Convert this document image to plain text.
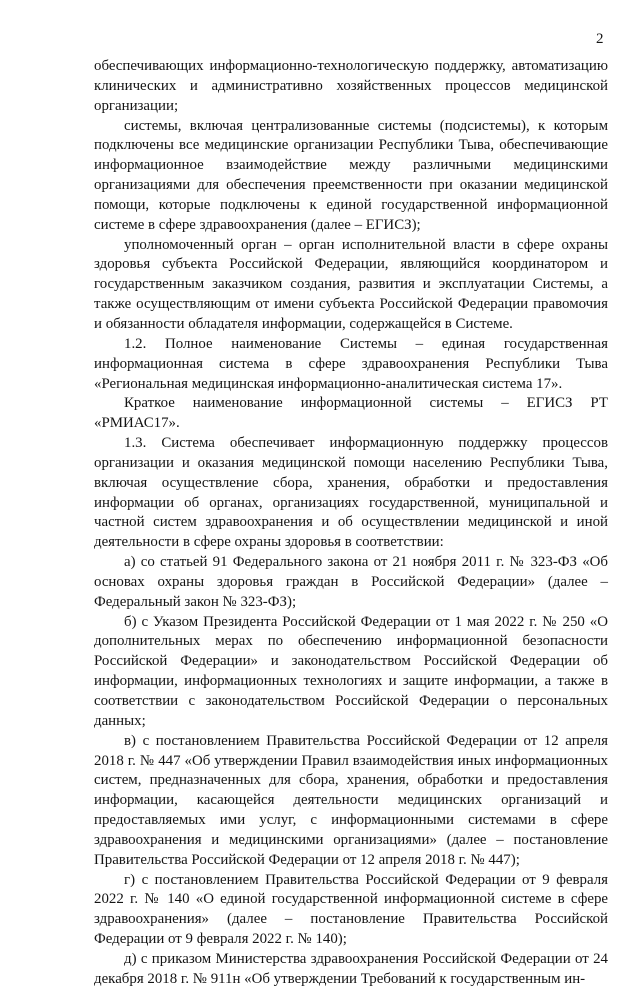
2

обеспечивающих информационно-технологическую поддержку, автоматизацию клинических и административно хозяйственных процессов медицинской организации;

системы, включая централизованные системы (подсистемы), к которым подключены все медицинские организации Республики Тыва, обеспечивающие информационное взаимодействие между различными медицинскими организациями для обеспечения преемственности при оказании медицинской помощи, которые подключены к единой государственной информационной системе в сфере здравоохранения (далее – ЕГИСЗ);

уполномоченный орган – орган исполнительной власти в сфере охраны здоровья субъекта Российской Федерации, являющийся координатором и государственным заказчиком создания, развития и эксплуатации Системы, а также осуществляющим от имени субъекта Российской Федерации правомочия и обязанности обладателя информации, содержащейся в Системе.

1.2. Полное наименование Системы – единая государственная информационная система в сфере здравоохранения Республики Тыва «Региональная медицинская информационно-аналитическая система 17».

Краткое наименование информационной системы – ЕГИСЗ РТ «РМИАС17».

1.3. Система обеспечивает информационную поддержку процессов организации и оказания медицинской помощи населению Республики Тыва, включая осуществление сбора, хранения, обработки и предоставления информации об органах, организациях государственной, муниципальной и частной систем здравоохранения и об осуществлении медицинской и иной деятельности в сфере охраны здоровья в соответствии:

а) со статьей 91 Федерального закона от 21 ноября 2011 г. № 323-ФЗ «Об основах охраны здоровья граждан в Российской Федерации» (далее – Федеральный закон № 323-ФЗ);

б) с Указом Президента Российской Федерации от 1 мая 2022 г. № 250 «О дополнительных мерах по обеспечению информационной безопасности Российской Федерации» и законодательством Российской Федерации об информации, информационных технологиях и защите информации, а также в соответствии с законодательством Российской Федерации о персональных данных;

в) с постановлением Правительства Российской Федерации от 12 апреля 2018 г. № 447 «Об утверждении Правил взаимодействия иных информационных систем, предназначенных для сбора, хранения, обработки и предоставления информации, касающейся деятельности медицинских организаций и предоставляемых ими услуг, с информационными системами в сфере здравоохранения и медицинскими организациями» (далее – постановление Правительства Российской Федерации от 12 апреля 2018 г. № 447);

г) с постановлением Правительства Российской Федерации от 9 февраля 2022 г. № 140 «О единой государственной информационной системе в сфере здравоохранения» (далее – постановление Правительства Российской Федерации от 9 февраля 2022 г. № 140);

д) с приказом Министерства здравоохранения Российской Федерации от 24 декабря 2018 г. № 911н «Об утверждении Требований к государственным ин-
